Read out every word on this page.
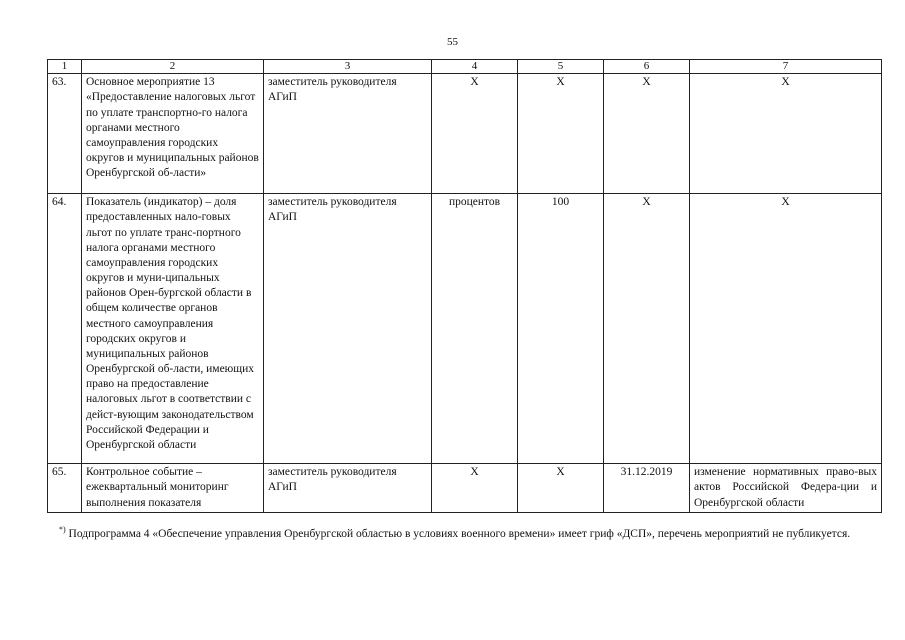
55
1	2	3	4	5	6	7
63.	Основное мероприятие 13 «Предоставление налоговых льгот по уплате транспортно-го налога органами местного самоуправления городских округов и муниципальных районов Оренбургской об-ласти»	заместитель руководителя АГиП	Х	Х	Х	Х
64.	Показатель (индикатор) – доля предоставленных нало-говых льгот по уплате транс-портного налога органами местного самоуправления городских округов и муни-ципальных районов Орен-бургской области в общем количестве органов местного самоуправления городских округов и муниципальных районов Оренбургской об-ласти, имеющих право на предоставление налоговых льгот в соответствии с дейст-вующим законодательством Российской Федерации и Оренбургской области	заместитель руководителя АГиП	процентов	100	Х	Х
65.	Контрольное событие – ежеквартальный мониторинг выполнения показателя	заместитель руководителя АГиП	Х	Х	31.12.2019	изменение нормативных право-вых актов Российской Федера-ции и Оренбургской области
*) Подпрограмма 4 «Обеспечение управления Оренбургской областью в условиях военного времени» имеет гриф «ДСП», перечень мероприятий не публикуется.
